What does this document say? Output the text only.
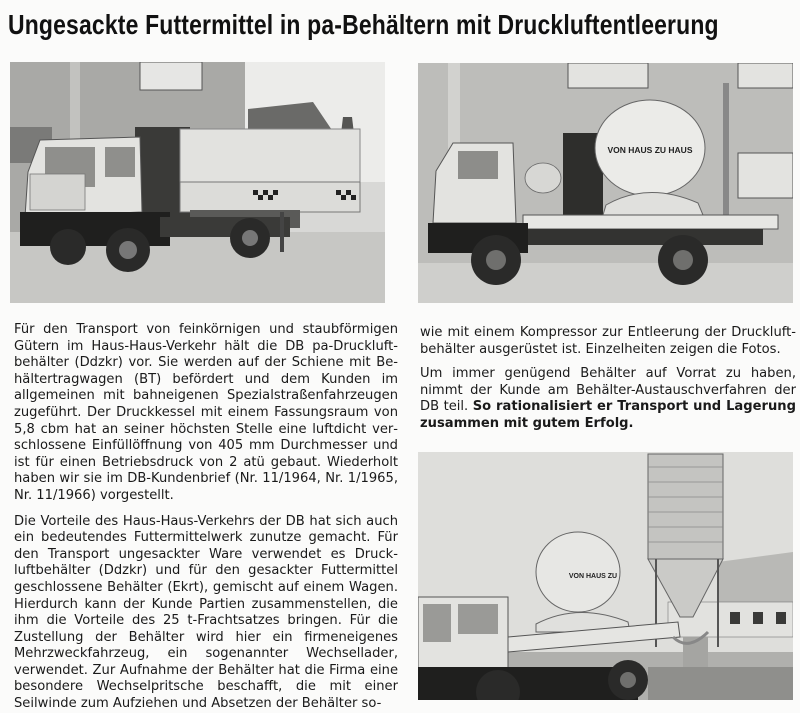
Ungesackte Futtermittel in pa-Behältern mit Druckluftentleerung
VON HAUS ZU HAUS

Für den Transport von feinkörnigen und staubförmigen Gütern im Haus-Haus-Verkehr hält die DB pa-Druckluftbehälter (Ddzkr) vor. Sie werden auf der Schiene mit Behältertragwagen (BT) befördert und dem Kunden im allgemeinen mit bahneigenen Spezialstraßenfahrzeugen zugeführt. Der Druckkessel mit einem Fassungsraum von 5,8 cbm hat an seiner höchsten Stelle eine luftdicht verschlossene Einfüllöffnung von 405 mm Durchmesser und ist für einen Betriebsdruck von 2 atü gebaut. Wiederholt haben wir sie im DB-Kundenbrief (Nr. 11/1964, Nr. 1/1965, Nr. 11/1966) vorgestellt.

Die Vorteile des Haus-Haus-Verkehrs der DB hat sich auch ein bedeutendes Futtermittelwerk zunutze gemacht. Für den Transport ungesackter Ware verwendet es Druckluftbehälter (Ddzkr) und für den gesackter Futtermittel geschlossene Behälter (Ekrt), gemischt auf einem Wagen. Hierdurch kann der Kunde Partien zusammenstellen, die ihm die Vorteile des 25 t-Frachtsatzes bringen. Für die Zustellung der Behälter wird hier ein firmeneigenes Mehrzweckfahrzeug, ein sogenannter Wechsellader, verwendet. Zur Aufnahme der Behälter hat die Firma eine besondere Wechselpritsche beschafft, die mit einer Seilwinde zum Aufziehen und Absetzen der Behälter so-

wie mit einem Kompressor zur Entleerung der Druckluftbehälter ausgerüstet ist. Einzelheiten zeigen die Fotos.

Um immer genügend Behälter auf Vorrat zu haben, nimmt der Kunde am Behälter-Austauschverfahren der DB teil. So rationalisiert er Transport und Lagerung zusammen mit gutem Erfolg.

VON HAUS ZU
